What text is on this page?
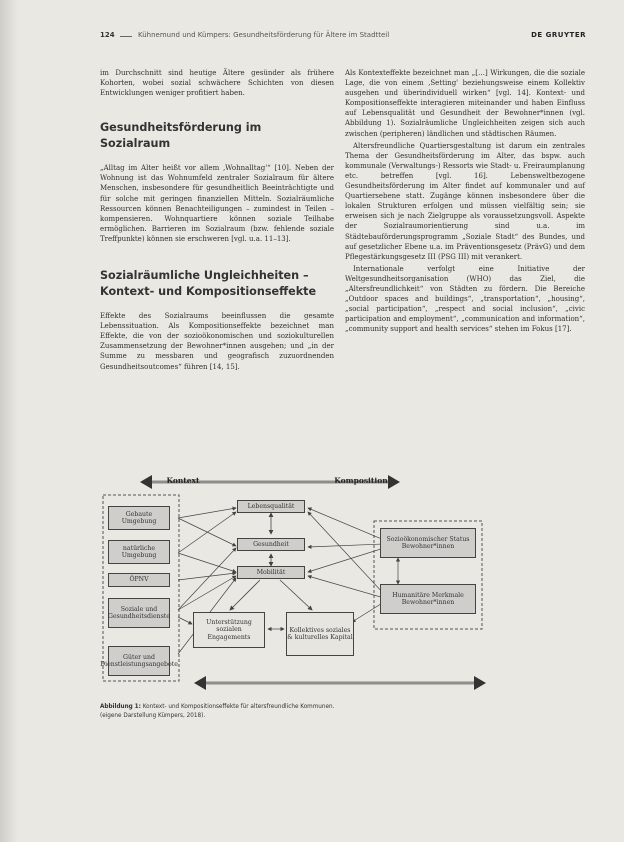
124	Kühnemund und Kümpers: Gesundheitsförderung für Ältere im Stadtteil	DE GRUYTER

im Durchschnitt sind heutige Ältere gesünder als frühere Kohorten, wobei sozial schwächere Schichten von diesen Entwicklungen weniger profitiert haben.

Gesundheitsförderung im Sozialraum

„Alltag im Alter heißt vor allem ‚Wohnalltag'“ [10]. Neben der Wohnung ist das Wohnumfeld zentraler Sozialraum für ältere Menschen, insbesondere für gesundheitlich Beeinträchtigte und für solche mit geringen finanziellen Mitteln. Sozialräumliche Ressourcen können Benachteiligungen – zumindest in Teilen – kompensieren. Wohnquartiere können soziale Teilhabe ermöglichen. Barrieren im Sozialraum (bzw. fehlende soziale Treffpunkte) können sie erschweren [vgl. u.a. 11–13].

Sozialräumliche Ungleichheiten – Kontext- und Kompositionseffekte

Effekte des Sozialraums beeinflussen die gesamte Lebenssituation. Als Kompositionseffekte bezeichnet man Effekte, die von der sozioökonomischen und soziokulturellen Zusammensetzung der Bewohner*innen ausgehen; und „in der Summe zu messbaren und geografisch zuzuordnenden Gesundheitsoutcomes“ führen [14, 15].

Als Kontexteffekte bezeichnet man „[…] Wirkungen, die die soziale Lage, die von einem ‚Setting' beziehungsweise einem Kollektiv ausgehen und überindividuell wirken“ [vgl. 14]. Kontext- und Kompositionseffekte interagieren miteinander und haben Einfluss auf Lebensqualität und Gesundheit der Bewohner*innen (vgl. Abbildung 1). Sozialräumliche Ungleichheiten zeigen sich auch zwischen (peripheren) ländlichen und städtischen Räumen.

Altersfreundliche Quartiersgestaltung ist darum ein zentrales Thema der Gesundheitsförderung im Alter, das bspw. auch kommunale (Verwaltungs-) Ressorts wie Stadt- u. Freiraumplanung etc. betreffen [vgl. 16]. Lebensweltbezogene Gesundheitsförderung im Alter findet auf kommunaler und auf Quartiersebene statt. Zugänge können insbesondere über die lokalen Strukturen erfolgen und müssen vielfältig sein; sie erweisen sich je nach Zielgruppe als voraussetzungsvoll. Aspekte der Sozialraumorientierung sind u.a. im Städtebauförderungsprogramm „Soziale Stadt“ des Bundes, und auf gesetzlicher Ebene u.a. im Präventionsgesetz (PrävG) und dem Pflegestärkungsgesetz III (PSG III) mit verankert.

Internationale verfolgt eine Initiative der Weltgesundheitsorganisation (WHO) das Ziel, die „Altersfreundlichkeit“ von Städten zu fördern. Die Bereiche „Outdoor spaces and buildings“, „transportation“, „housing“, „social participation“, „respect and social inclusion“, „civic participation and employment“, „communication and information“, „community support and health services“ stehen im Fokus [17].

Kontext	Komposition
Gebaute Umgebung
natürliche Umgebung
ÖPNV
Soziale und Gesundheitsdienste
Güter und Dienstleistungsangebote
Lebensqualität
Gesundheit
Mobilität
Unterstützung sozialen Engagements
Kollektives soziales & kulturelles Kapital
Sozioökonomischer Status Bewohner*innen
Humanitäre Merkmale Bewohner*innen
Abbildung 1: Kontext- und Kompositionseffekte für altersfreundliche Kommunen.
(eigene Darstellung Kümpers, 2018).
